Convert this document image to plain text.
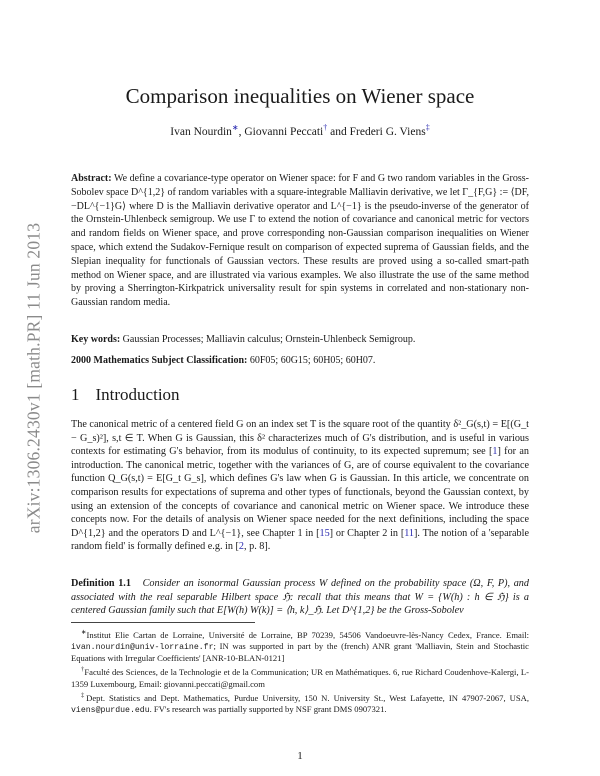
arXiv:1306.2430v1 [math.PR] 11 Jun 2013
Comparison inequalities on Wiener space
Ivan Nourdin∗, Giovanni Peccati† and Frederi G. Viens‡
Abstract: We define a covariance-type operator on Wiener space: for F and G two random variables in the Gross-Sobolev space D^{1,2} of random variables with a square-integrable Malliavin derivative, we let Γ_{F,G} := ⟨DF, −DL^{−1}G⟩ where D is the Malliavin derivative operator and L^{−1} is the pseudo-inverse of the generator of the Ornstein-Uhlenbeck semigroup. We use Γ to extend the notion of covariance and canonical metric for vectors and random fields on Wiener space, and prove corresponding non-Gaussian comparison inequalities on Wiener space, which extend the Sudakov-Fernique result on comparison of expected suprema of Gaussian fields, and the Slepian inequality for functionals of Gaussian vectors. These results are proved using a so-called smart-path method on Wiener space, and are illustrated via various examples. We also illustrate the use of the same method by proving a Sherrington-Kirkpatrick universality result for spin systems in correlated and non-stationary non-Gaussian random media.
Key words: Gaussian Processes; Malliavin calculus; Ornstein-Uhlenbeck Semigroup.
2000 Mathematics Subject Classification: 60F05; 60G15; 60H05; 60H07.
1 Introduction
The canonical metric of a centered field G on an index set T is the square root of the quantity δ²_G(s,t) = E[(G_t − G_s)²], s,t ∈ T. When G is Gaussian, this δ² characterizes much of G's distribution, and is useful in various contexts for estimating G's behavior, from its modulus of continuity, to its expected supremum; see [1] for an introduction. The canonical metric, together with the variances of G, are of course equivalent to the covariance function Q_G(s,t) = E[G_t G_s], which defines G's law when G is Gaussian. In this article, we concentrate on comparison results for expectations of suprema and other types of functionals, beyond the Gaussian context, by using an extension of the concepts of covariance and canonical metric on Wiener space. We introduce these concepts now. For the details of analysis on Wiener space needed for the next definitions, including the space D^{1,2} and the operators D and L^{−1}, see Chapter 1 in [15] or Chapter 2 in [11]. The notion of a 'separable random field' is formally defined e.g. in [2, p. 8].
Definition 1.1 Consider an isonormal Gaussian process W defined on the probability space (Ω, F, P), and associated with the real separable Hilbert space ℌ: recall that this means that W = {W(h) : h ∈ ℌ} is a centered Gaussian family such that E[W(h) W(k)] = ⟨h, k⟩_ℌ. Let D^{1,2} be the Gross-Sobolev

∗Institut Elie Cartan de Lorraine, Université de Lorraine, BP 70239, 54506 Vandoeuvre-lès-Nancy Cedex, France. Email: ivan.nourdin@univ-lorraine.fr; IN was supported in part by the (french) ANR grant 'Malliavin, Stein and Stochastic Equations with Irregular Coefficients' [ANR-10-BLAN-0121]

†Faculté des Sciences, de la Technologie et de la Communication; UR en Mathématiques. 6, rue Richard Coudenhove-Kalergi, L-1359 Luxembourg, Email: giovanni.peccati@gmail.com

‡Dept. Statistics and Dept. Mathematics, Purdue University, 150 N. University St., West Lafayette, IN 47907-2067, USA, viens@purdue.edu. FV's research was partially supported by NSF grant DMS 0907321.

1
